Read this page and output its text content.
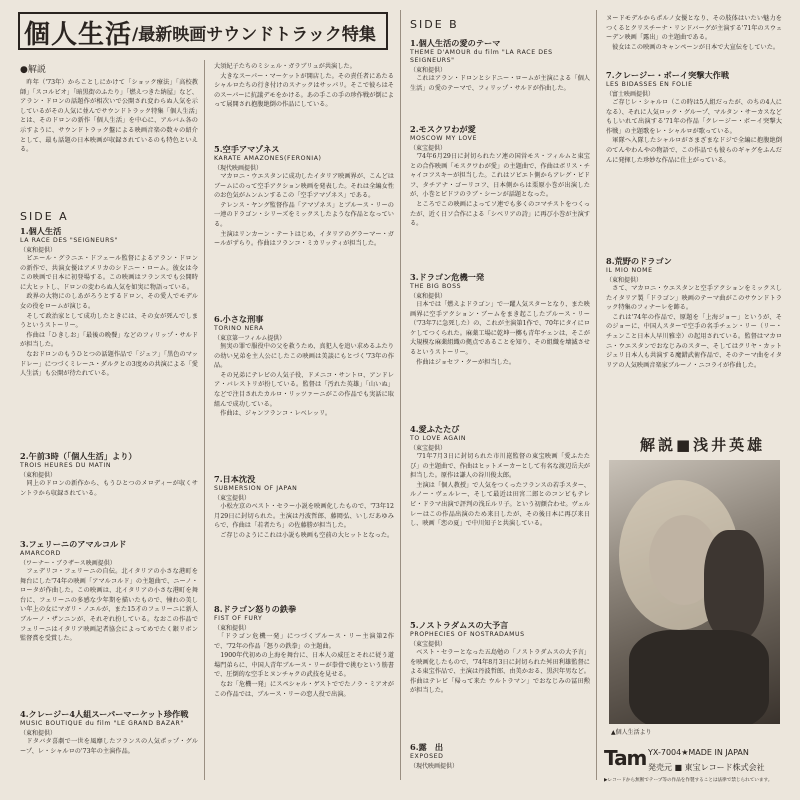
個人生活 /最新映画サウンドトラック特集
SIDE B
●解説
　昨年（'73年）からことしにかけて「ショック療法」「高校教師」「スコルピオ」「暗黒街のふたり」「燃えつきた納屋」など、アラン・ドロンの話題作が相次いで公開され変わらぬ人気を示しているがその人気に並んでサウンドトラック特集「個人生活」とは、そのドロンの新作「個人生活」を中心に、アルバム各の示すように、サウンドトラック盤による映画音楽の数々の紹介として、最も話題の日本映画が収録されているのも特色といえる。
SIDE A
1.個人生活
LA RACE DES "SEIGNEURS"
（東和提供）
　ピエール・グラニエ・ドフェール監督によるアラン・ドロンの新作で、共演女優はアメリカのシドニー・ローム。彼女は今この映画で日本に初登場する。この映画はフランスでも公開時に大ヒットし、ドロンの変わらぬ人気を如実に物語っている。
　政界の大物にのしあがろうとするドロン、その愛人でモデル女の役をロームが演じる。
　そして政治家として成功したときには、その女が死んでしまうというストーリー。
　作曲は「ひきしお」「最後の晩餐」などのフィリップ・サルドが担当した。
　なおドロンのもうひとつの話題作品で「ジェフ」「黒色のマッドレー」につづくミレーユ・ダルクとの3度めの共演による「愛人生活」も公開が待たれている。
2.午前3時（「個人生活」より）
TROIS HEURES DU MATIN
（東和提供）
　同上のドロンの新作から、もうひとつのメロディーが収くサントラから収録されている。
3.フェリーニのアマルコルド
AMARCORD
（ワーナー・ブラザース映画提供）
　フェデリコ・フェリーニの自伝。北イタリアの小さな港町を舞台にした'74年の映画「アマルコルド」の主題曲で、ニーノ・ロータが作曲した。この映画は、北イタリアの小さな港町を舞台に、フェリーニの多感な少年期を描いたもので、憧れの美しい年上の女にマガリ・ノエルが、また15才のフェリーニに新人ブルーノ・ザンニンが、それぞれ扮している。なおこの作品でフェリーニはイタリア映画記者協会によってめでたく銀リボン監督賞を受賞した。
4.クレージー4人組スーパーマーケット珍作戦
MUSIC BOUTIQUE du film "LE GRAND BAZAR"
（東和提供）
　ドタバタ喜劇で一世を風靡したフランスの人気ポップ・グループ、レ・シャルロの'73年の主演作品。
大須紀子たちのミシェル・ガラブリュが共演した。
　大きなスーパー・マーケットが開店した。その責任者にあたるシャルロたちの行き付けのスナックはサッパリ。そこで彼らはそのスーパーに抗議デモをかける。あの手この手の珍作戦が倒によって展開され抱腹絶倒の作品にしている。
5.空手アマゾネス
KARATE AMAZONES(FERONIA)
（現代映画提供）
　マカロニ・ウエスタンに成功したイタリア映画界が、こんどはブームにのって空手アクション映画を発表した。それは全編女性のお色気がムンムンするこの「空手アマゾネス」である。
　テレンス・ヤング監督作品「アマゾネス」とブルース・リーの一連のドラゴン・シリーズをミックスしたような作品となっている。
　主演はリンカーン・テートはじめ、イタリアのグラーマー・ガールがずらり。作曲はフランコ・ミカリッティが担当した。
6.小さな刑事
TORINO NERA
（東京第一フィルム提供）
　無実の罪で服役中の父を救うため、真犯人を追い求めるふたりの幼い兄弟を主人公にしたこの映画は美談にもとづく'73年の作品。
　その兄弟にテレビの人気子役、ドメニコ・サントロ、アンドレア・バレストリが扮している。監督は「汚れた英雄」「山いぬ」などで注目されたカルロ・リッツァーニがこの作品でも実話に取組んで成功している。
　作曲は、ジャンフランコ・レベレッリ。
7.日本沈没
SUBMERSION OF JAPAN
（東宝提供）
　小松左京のベスト・セラー小説を映画化したもので、'73年12月29日に封切られた。主演は丹波哲郎、藤岡弘、いしだあゆみらで、作曲は「若者たち」の佐藤勝が担当した。
　ご存じのようにこれは小説も映画も空前の大ヒットとなった。
8.ドラゴン怒りの鉄拳
FIST OF FURY
（東和提供）
　「ドラゴン危機一発」につづくブルース・リー主演第2作で、'72年の作品「怒りの鉄拳」の主題曲。
　1900年代初めの上海を舞台に、日本人の威圧とそれに従う道場門弟らに、中国人青年ブルース・リーが拳骨で挑むという筋書で、圧倒的な空手とヌンチャクの武技を見せる。
　なお「危機一発」にスペシャル・ゲストででたノラ・ミアオがこの作品では、ブルース・リーの恋人役で出演。
1.個人生活の愛のテーマ
THEME D'AMOUR du film "LA RACE DES
SEIGNEURS"
（東和提供）
　これはアラン・ドロンとシドニー・ロームが主演による「個人生活」の愛のテーマで、フィリップ・サルドが作曲した。
2.モスクワわが愛
MOSCOW MY LOVE
（東宝提供）
　'74年6月29日に封切られたソ連の国営モス・フィルムと東宝との合作映画「モスクワわが愛」の主題曲で、作曲はボリス・チャイコフスキーが担当した。これはソビエト側からアレグ・ビドフ、タチアナ・ゴーリコフ、日本側からは栗原小巻が出演したが、小巻とビドフのラブ・シーンが話題となった。
　ところでこの映画によってソ連でも多くのコマチストをつくったが、近く日ソ合作による「シベリアの詩」に再び小巻が主演する。
3.ドラゴン危機一発
THE BIG BOSS
（東和提供）
　日本では「燃えよドラゴン」で一躍人気スターとなり、また映画界に空手アクション・ブームをまき起こしたブルース・リー（'73年7に急死した）の、これが主演第1作で、70年にタイにロケしてつくられた。麻薬工場に乾坤一擲も青年チェンは、そこが大規模な麻薬組織の拠点であることを知り、その組織を壊滅させるというストーリー。
　作曲はジョセフ・クーが担当した。
4.愛ふたたび
TO LOVE AGAIN
（東宝提供）
　'71年7月3日に封切られた市川崑監督の東宝映画「愛ふたたび」の主題曲で、作曲はヒットメーカーとして有名な渡辺岳夫が担当した。原作は謙人の谷川俊太郎。
　主演は「個人教授」で人気をつくったフランスの若手スター、ルノー・ヴェルレー、そして最近は田宮二郎とのコンビもテレビ・ドラマ出演で評判の浅丘ルリ子。という初顔合わせ。ヴェルレーはこの作品出演のため来日したが、その後日本に再び来日し、映画「恋の夏」で中川知子と共演している。
5.ノストラダムスの大予言
PROPHECIES OF NOSTRADAMUS
（東宝提供）
　ベスト・セラーとなった五島勉の「ノストラダムスの大予言」を映画化したもので、'74年8月3日に封切られた舛田利雄監督による東宝作品で、主演は丹波哲郎、由美かおる、黒沢年男など。作曲はテレビ「帰って来た ウルトラマン」でおなじみの冨田勲が担当した。
6.露　出
EXPOSED
（現代映画提供）
ヌードモデルからポルノ女優となり、その肢体はいたい魅力をつくるとクリスチーナ・リンドバーグが主演する'71年のスウェーデン映画「露出」の主題曲である。
　彼女はこの映画のキャンペーンが日本で大宣伝をしていた。
7.クレージー・ボーイ突撃大作戦
LES BIDASSES EN FOLIE
（富士映画提供）
　ご存じレ・シャルロ（この時は5人組だったが、のちの4人になる）、それに人気ロック・グループ、マルタン・サーカスなどもしいれて出演する'71年の作品「クレージー・ボーイ突撃大作戦」の主題歌をレ・シャルロが歌っている。
　軍隊へ入隊したシャルロがさまざまなドジで全編に抱腹絶倒のてんやわんやの物語で、この作品でも彼らのギャグをふんだんに発揮した珍妙な作品に仕上がっている。
8.荒野のドラゴン
IL MIO NOME
（東和提供）
　さて、マカロニ・ウエスタンと空手アクションをミックスしたイタリア製「ドラゴン」映画のテーマ曲がこのサウンドトラック特集のフィナーレを飾る。
　これは'74年の作品で、原題を「上海ジョー」というが、そのジョーに、中国人スターで空手の名手チェン・リー（リー・チェンこと日本人早川雅幸）の起用されている。監督はマカロニ・ウエスタンでおなじみのスター、そしてはクリヤ・カットジェリ日本人も共演する魔錯武術作品で、そのテーマ曲をイタリアの人気映画音楽家ブルーノ・ニコライが作曲した。
解説■浅井英雄
▲個人生活より
Tam YX-7004★MADE IN JAPAN
発売元 ■ 東宝レコード株式会社
▶レコードから無断でテープ等の作品を作製することは法律で禁じられています。
